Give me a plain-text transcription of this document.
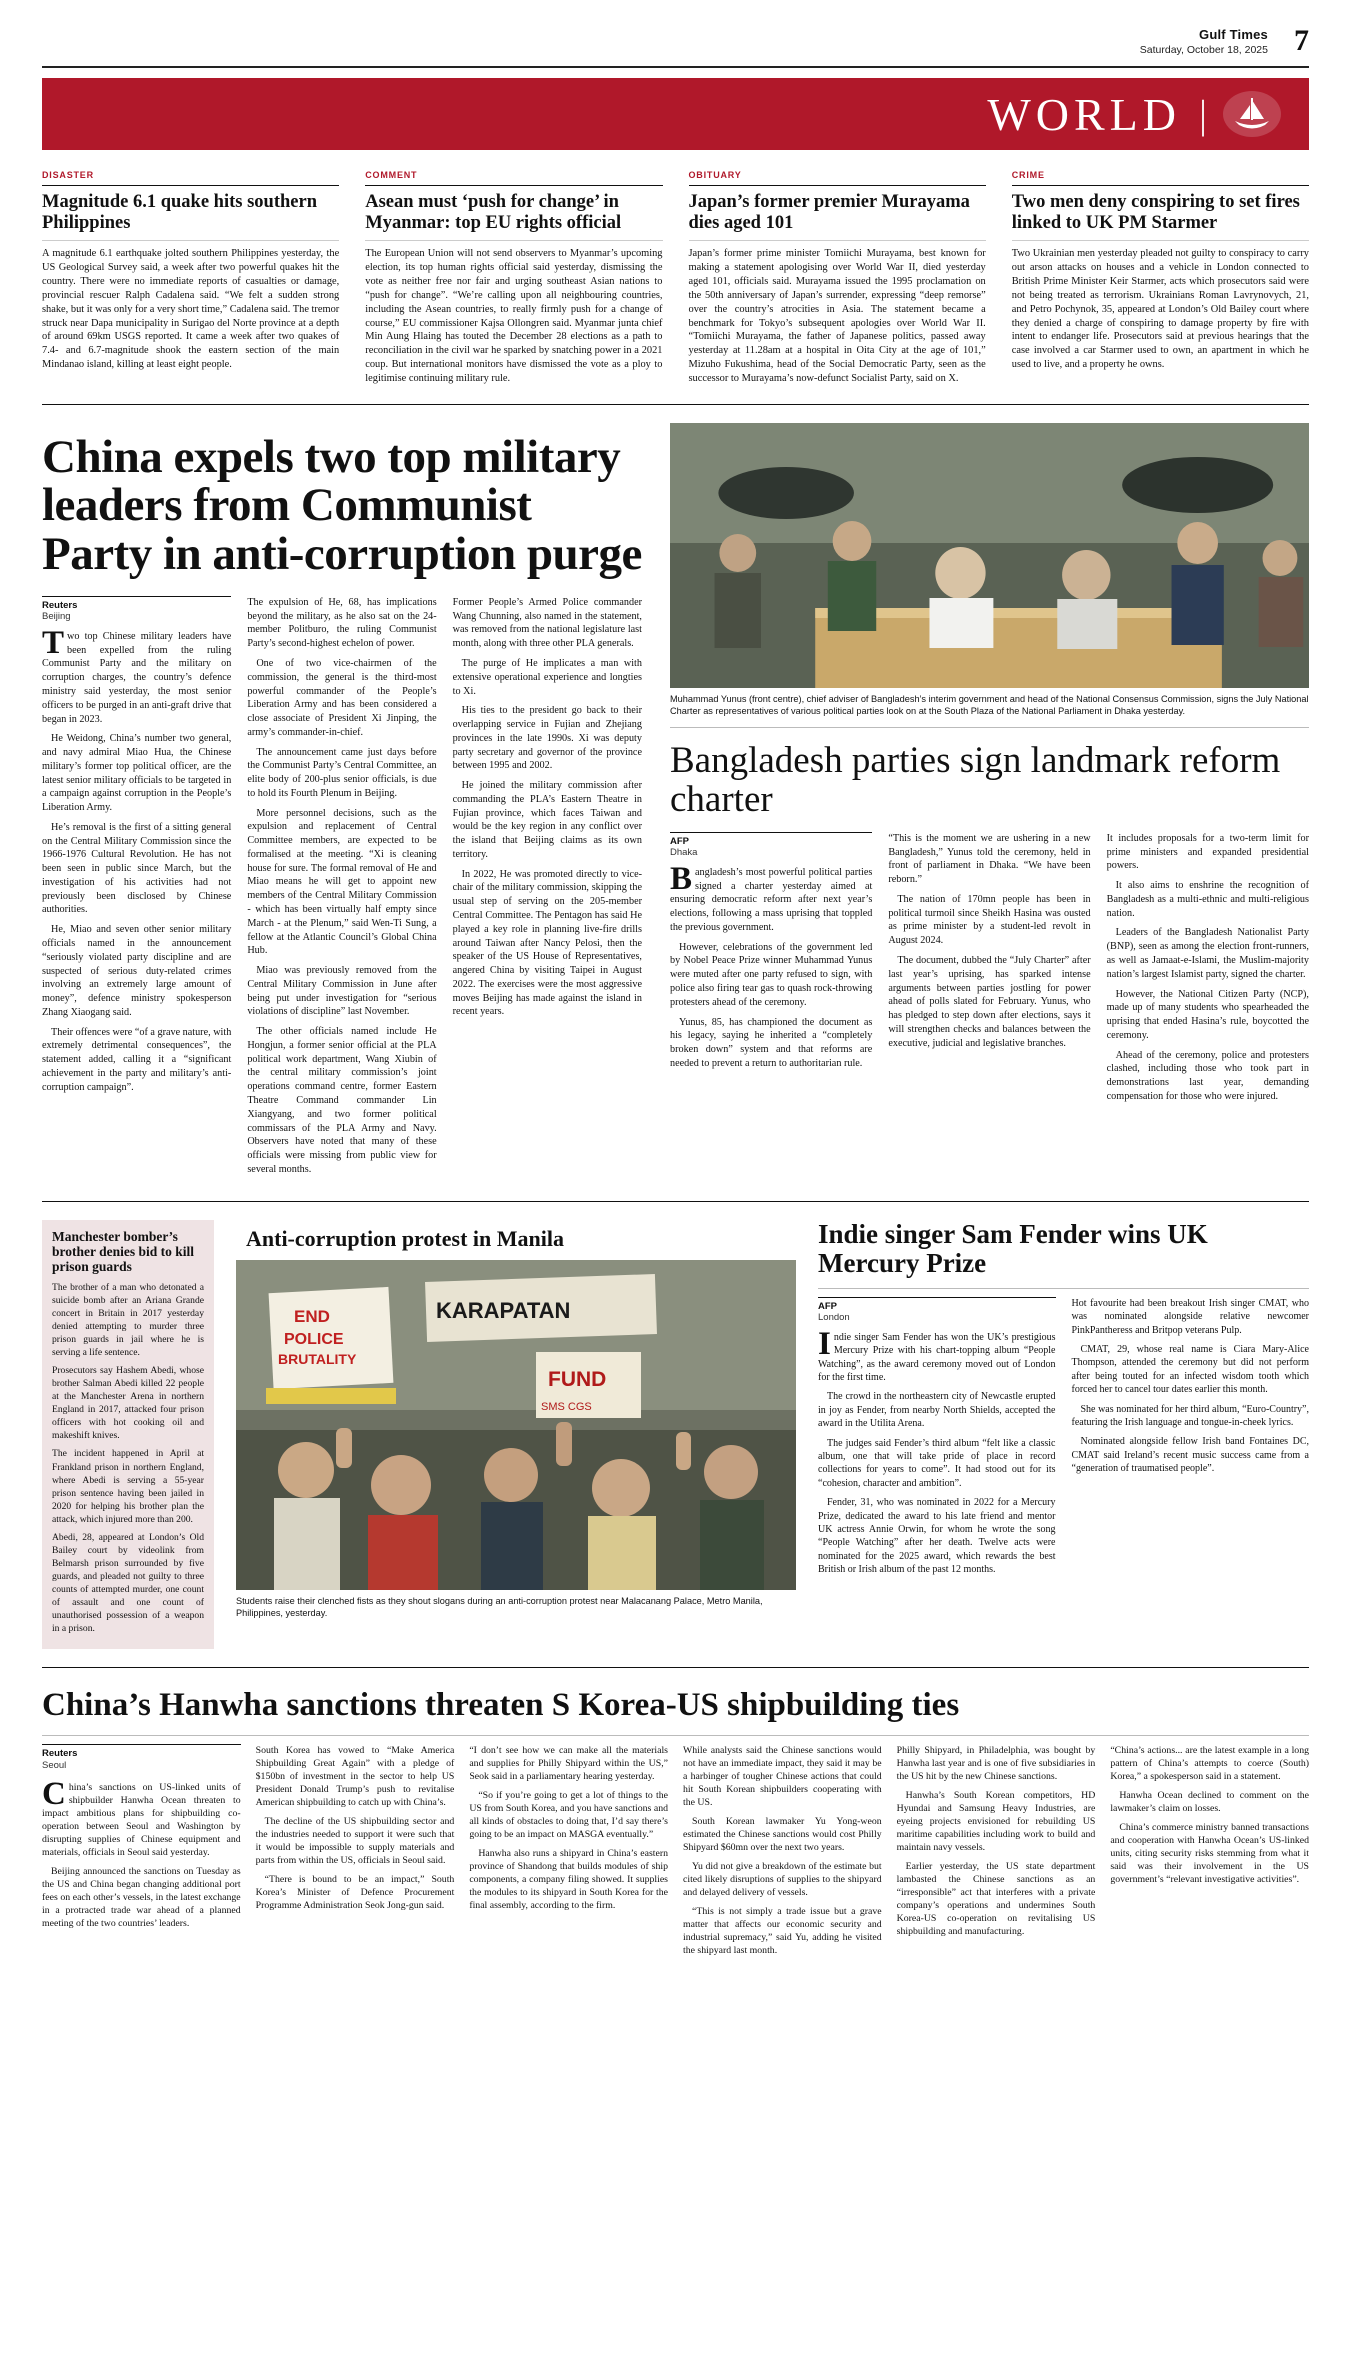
Gulf Times
Saturday, October 18, 2025 7
WORLD |
DISASTER
Magnitude 6.1 quake hits southern Philippines
A magnitude 6.1 earthquake jolted southern Philippines yesterday, the US Geological Survey said, a week after two powerful quakes hit the country. There were no immediate reports of casualties or damage, provincial rescuer Ralph Cadalena said. “We felt a sudden strong shake, but it was only for a very short time,” Cadalena said. The tremor struck near Dapa municipality in Surigao del Norte province at a depth of around 69km USGS reported. It came a week after two quakes of 7.4- and 6.7-magnitude shook the eastern section of the main Mindanao island, killing at least eight people.
COMMENT
Asean must ‘push for change’ in Myanmar: top EU rights official
The European Union will not send observers to Myanmar’s upcoming election, its top human rights official said yesterday, dismissing the vote as neither free nor fair and urging southeast Asian nations to “push for change”. “We’re calling upon all neighbouring countries, including the Asean countries, to really firmly push for a change of course,” EU commissioner Kajsa Ollongren said. Myanmar junta chief Min Aung Hlaing has touted the December 28 elections as a path to reconciliation in the civil war he sparked by snatching power in a 2021 coup. But international monitors have dismissed the vote as a ploy to legitimise continuing military rule.
OBITUARY
Japan’s former premier Murayama dies aged 101
Japan’s former prime minister Tomiichi Murayama, best known for making a statement apologising over World War II, died yesterday aged 101, officials said. Murayama issued the 1995 proclamation on the 50th anniversary of Japan’s surrender, expressing “deep remorse” over the country’s atrocities in Asia. The statement became a benchmark for Tokyo’s subsequent apologies over World War II. “Tomiichi Murayama, the father of Japanese politics, passed away yesterday at 11.28am at a hospital in Oita City at the age of 101,” Mizuho Fukushima, head of the Social Democratic Party, seen as the successor to Murayama’s now-defunct Socialist Party, said on X.
CRIME
Two men deny conspiring to set fires linked to UK PM Starmer
Two Ukrainian men yesterday pleaded not guilty to conspiracy to carry out arson attacks on houses and a vehicle in London connected to British Prime Minister Keir Starmer, acts which prosecutors said were not being treated as terrorism. Ukrainians Roman Lavrynovych, 21, and Petro Pochynok, 35, appeared at London’s Old Bailey court where they denied a charge of conspiring to damage property by fire with intent to endanger life. Prosecutors said at previous hearings that the case involved a car Starmer used to own, an apartment in which he used to live, and a property he owns.
China expels two top military leaders from Communist Party in anti-corruption purge
Reuters
Beijing

Two top Chinese military leaders have been expelled from the ruling Communist Party and the military on corruption charges, the country’s defence ministry said yesterday, the most senior officers to be purged in an anti-graft drive that began in 2023.

He Weidong, China’s number two general, and navy admiral Miao Hua, the Chinese military’s former top political officer, are the latest senior military officials to be targeted in a campaign against corruption in the People’s Liberation Army.

He’s removal is the first of a sitting general on the Central Military Commission since the 1966-1976 Cultural Revolution. He has not been seen in public since March, but the investigation of his activities had not previously been disclosed by Chinese authorities.

He, Miao and seven other senior military officials named in the announcement “seriously violated party discipline and are suspected of serious duty-related crimes involving an extremely large amount of money”, defence ministry spokesperson Zhang Xiaogang said.

Their offences were “of a grave nature, with extremely detrimental consequences”, the statement added, calling it a “significant achievement in the party and military’s anti-corruption campaign”.

The expulsion of He, 68, has implications beyond the military, as he also sat on the 24-member Politburo, the ruling Communist Party’s second-highest echelon of power.

One of two vice-chairmen of the commission, the general is the third-most powerful commander of the People’s Liberation Army and has been considered a close associate of President Xi Jinping, the army’s commander-in-chief.

The announcement came just days before the Communist Party’s Central Committee, an elite body of 200-plus senior officials, is due to hold its Fourth Plenum in Beijing.

More personnel decisions, such as the expulsion and replacement of Central Committee members, are expected to be formalised at the meeting. “Xi is cleaning house for sure. The formal removal of He and Miao means he will get to appoint new members of the Central Military Commission - which has been virtually half empty since March - at the Plenum,” said Wen-Ti Sung, a fellow at the Atlantic Council’s Global China Hub.

Miao was previously removed from the Central Military Commission in June after being put under investigation for “serious violations of discipline” last November.

The other officials named include He Hongjun, a former senior official at the PLA political work department, Wang Xiubin of the central military commission’s joint operations command centre, former Eastern Theatre Command commander Lin Xiangyang, and two former political commissars of the PLA Army and Navy. Observers have noted that many of these officials were missing from public view for several months.

Former People’s Armed Police commander Wang Chunning, also named in the statement, was removed from the national legislature last month, along with three other PLA generals.

The purge of He implicates a man with extensive operational experience and longties to Xi.

His ties to the president go back to their overlapping service in Fujian and Zhejiang provinces in the late 1990s. Xi was deputy party secretary and governor of the province between 1995 and 2002.

He joined the military commission after commanding the PLA’s Eastern Theatre in Fujian province, which faces Taiwan and would be the key region in any conflict over the island that Beijing claims as its own territory.

In 2022, He was promoted directly to vice-chair of the military commission, skipping the usual step of serving on the 205-member Central Committee. The Pentagon has said He played a key role in planning live-fire drills around Taiwan after Nancy Pelosi, then the speaker of the US House of Representatives, angered China by visiting Taipei in August 2022. The exercises were the most aggressive moves Beijing has made against the island in recent years.

Muhammad Yunus (front centre), chief adviser of Bangladesh’s interim government and head of the National Consensus Commission, signs the July National Charter as representatives of various political parties look on at the South Plaza of the National Parliament in Dhaka yesterday.
Bangladesh parties sign landmark reform charter
AFP
Dhaka

Bangladesh’s most powerful political parties signed a charter yesterday aimed at ensuring democratic reform after next year’s elections, following a mass uprising that toppled the previous government.

However, celebrations of the government led by Nobel Peace Prize winner Muhammad Yunus were muted after one party refused to sign, with police also firing tear gas to quash rock-throwing protesters ahead of the ceremony.

Yunus, 85, has championed the document as his legacy, saying he inherited a “completely broken down” system and that reforms are needed to prevent a return to authoritarian rule.

“This is the moment we are ushering in a new Bangladesh,” Yunus told the ceremony, held in front of parliament in Dhaka. “We have been reborn.”

The nation of 170mn people has been in political turmoil since Sheikh Hasina was ousted as prime minister by a student-led revolt in August 2024.

The document, dubbed the “July Charter” after last year’s uprising, has sparked intense arguments between parties jostling for power ahead of polls slated for February. Yunus, who has pledged to step down after elections, says it will strengthen checks and balances between the executive, judicial and legislative branches.

It includes proposals for a two-term limit for prime ministers and expanded presidential powers.

It also aims to enshrine the recognition of Bangladesh as a multi-ethnic and multi-religious nation.

Leaders of the Bangladesh Nationalist Party (BNP), seen as among the election front-runners, as well as Jamaat-e-Islami, the Muslim-majority nation’s largest Islamist party, signed the charter.

However, the National Citizen Party (NCP), made up of many students who spearheaded the uprising that ended Hasina’s rule, boycotted the ceremony.

Ahead of the ceremony, police and protesters clashed, including those who took part in demonstrations last year, demanding compensation for those who were injured.

Manchester bomber’s brother denies bid to kill prison guards

The brother of a man who detonated a suicide bomb after an Ariana Grande concert in Britain in 2017 yesterday denied attempting to murder three prison guards in jail where he is serving a life sentence.

Prosecutors say Hashem Abedi, whose brother Salman Abedi killed 22 people at the Manchester Arena in northern England in 2017, attacked four prison officers with hot cooking oil and makeshift knives.

The incident happened in April at Frankland prison in northern England, where Abedi is serving a 55-year prison sentence having been jailed in 2020 for helping his brother plan the attack, which injured more than 200.

Abedi, 28, appeared at London’s Old Bailey court by videolink from Belmarsh prison surrounded by five guards, and pleaded not guilty to three counts of attempted murder, one count of assault and one count of unauthorised possession of a weapon in a prison.

Anti-corruption protest in Manila
END
POLICE
BRUTALITY
KARAPATAN
FUND
SMS CGS
Students raise their clenched fists as they shout slogans during an anti-corruption protest near Malacanang Palace, Metro Manila, Philippines, yesterday.
Indie singer Sam Fender wins UK Mercury Prize
AFP
London

Indie singer Sam Fender has won the UK’s prestigious Mercury Prize with his chart-topping album “People Watching”, as the award ceremony moved out of London for the first time.

The crowd in the northeastern city of Newcastle erupted in joy as Fender, from nearby North Shields, accepted the award in the Utilita Arena.

The judges said Fender’s third album “felt like a classic album, one that will take pride of place in record collections for years to come”. It had stood out for its “cohesion, character and ambition”.

Fender, 31, who was nominated in 2022 for a Mercury Prize, dedicated the award to his late friend and mentor UK actress Annie Orwin, for whom he wrote the song “People Watching” after her death. Twelve acts were nominated for the 2025 award, which rewards the best British or Irish album of the past 12 months.

Hot favourite had been breakout Irish singer CMAT, who was nominated alongside relative newcomer PinkPantheress and Britpop veterans Pulp.

CMAT, 29, whose real name is Ciara Mary-Alice Thompson, attended the ceremony but did not perform after being touted for an infected wisdom tooth which forced her to cancel tour dates earlier this month.

She was nominated for her third album, “Euro-Country”, featuring the Irish language and tongue-in-cheek lyrics.

Nominated alongside fellow Irish band Fontaines DC, CMAT said Ireland’s recent music success came from a “generation of traumatised people”.

China’s Hanwha sanctions threaten S Korea-US shipbuilding ties
Reuters
Seoul

China’s sanctions on US-linked units of shipbuilder Hanwha Ocean threaten to impact ambitious plans for shipbuilding co-operation between Seoul and Washington by disrupting supplies of Chinese equipment and materials, officials in Seoul said yesterday.

Beijing announced the sanctions on Tuesday as the US and China began changing additional port fees on each other’s vessels, in the latest exchange in a protracted trade war ahead of a planned meeting of the two countries’ leaders.

South Korea has vowed to “Make America Shipbuilding Great Again” with a pledge of $150bn of investment in the sector to help US President Donald Trump’s push to revitalise American shipbuilding to catch up with China’s.

The decline of the US shipbuilding sector and the industries needed to support it were such that it would be impossible to supply materials and parts from within the US, officials in Seoul said.

“There is bound to be an impact,” South Korea’s Minister of Defence Procurement Programme Administration Seok Jong-gun said.

“I don’t see how we can make all the materials and supplies for Philly Shipyard within the US,” Seok said in a parliamentary hearing yesterday.

“So if you’re going to get a lot of things to the US from South Korea, and you have sanctions and all kinds of obstacles to doing that, I’d say there’s going to be an impact on MASGA eventually.”

Hanwha also runs a shipyard in China’s eastern province of Shandong that builds modules of ship components, a company filing showed. It supplies the modules to its shipyard in South Korea for the final assembly, according to the firm.

While analysts said the Chinese sanctions would not have an immediate impact, they said it may be a harbinger of tougher Chinese actions that could hit South Korean shipbuilders cooperating with the US.

South Korean lawmaker Yu Yong-weon estimated the Chinese sanctions would cost Philly Shipyard $60mn over the next two years.

Yu did not give a breakdown of the estimate but cited likely disruptions of supplies to the shipyard and delayed delivery of vessels.

“This is not simply a trade issue but a grave matter that affects our economic security and industrial supremacy,” said Yu, adding he visited the shipyard last month.

Philly Shipyard, in Philadelphia, was bought by Hanwha last year and is one of five subsidiaries in the US hit by the new Chinese sanctions.

Hanwha’s South Korean competitors, HD Hyundai and Samsung Heavy Industries, are eyeing projects envisioned for rebuilding US maritime capabilities including work to build and maintain navy vessels.

Earlier yesterday, the US state department lambasted the Chinese sanctions as an “irresponsible” act that interferes with a private company’s operations and undermines South Korea-US co-operation on revitalising US shipbuilding and manufacturing.

“China’s actions... are the latest example in a long pattern of China’s attempts to coerce (South) Korea,” a spokesperson said in a statement.

Hanwha Ocean declined to comment on the lawmaker’s claim on losses.

China’s commerce ministry banned transactions and cooperation with Hanwha Ocean’s US-linked units, citing security risks stemming from what it said was their involvement in the US government’s “relevant investigative activities”.
